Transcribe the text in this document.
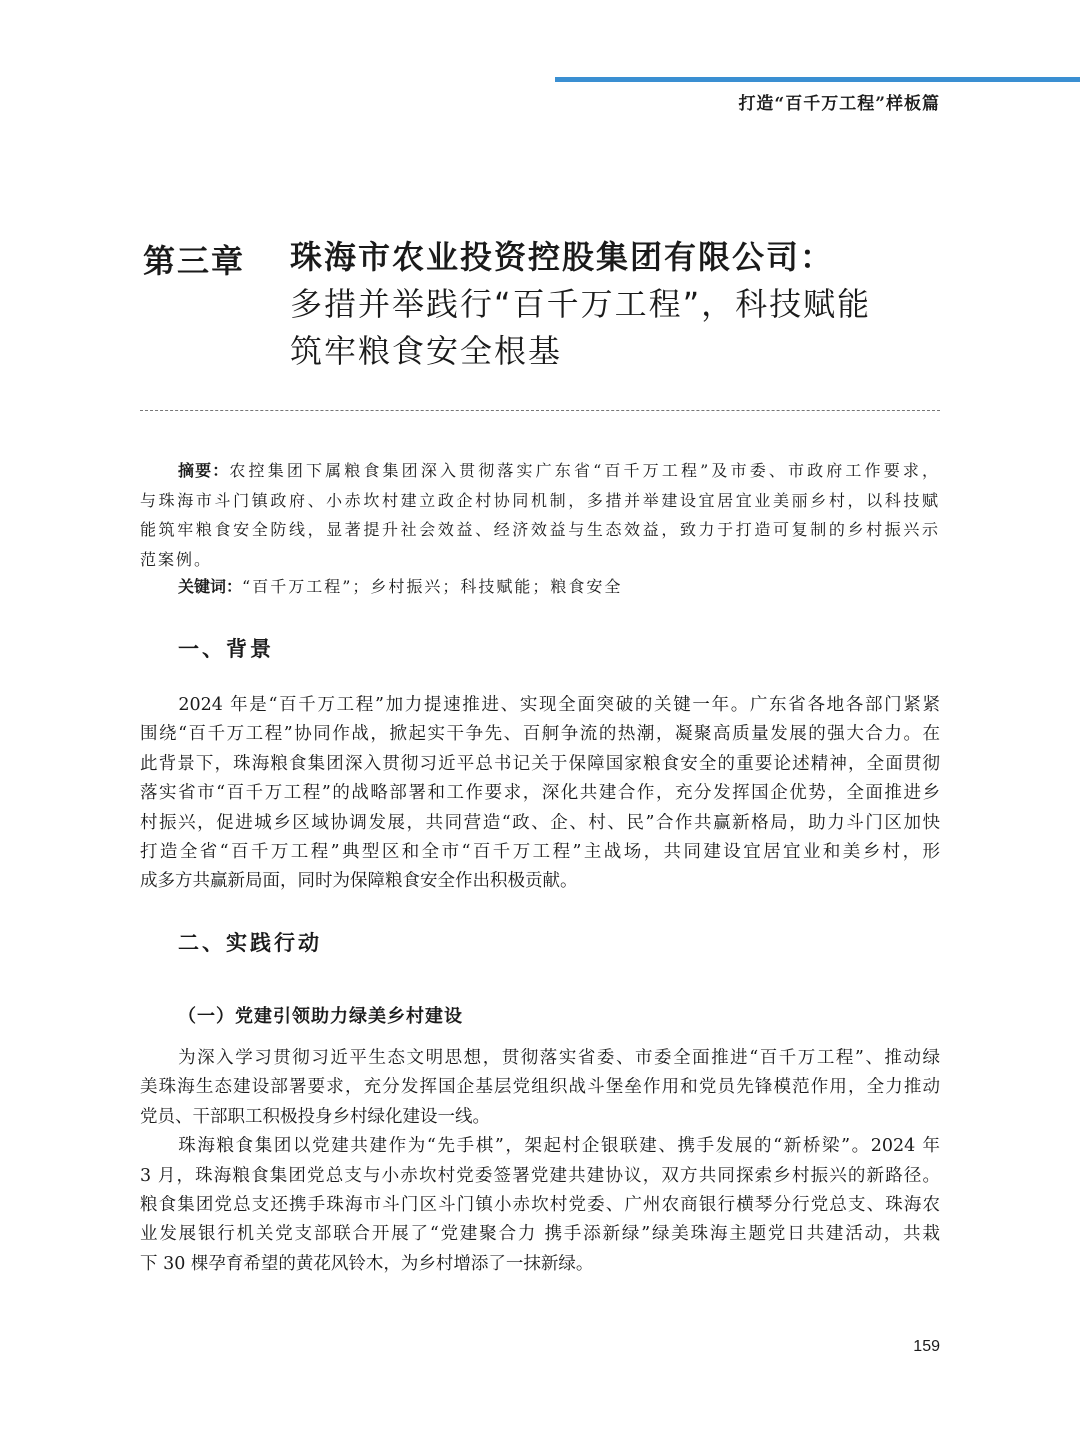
打造“百千万工程”样板篇
第三章 珠海市农业投资控股集团有限公司：
多措并举践行“百千万工程”，科技赋能
筑牢粮食安全根基
摘要：农控集团下属粮食集团深入贯彻落实广东省“百千万工程”及市委、市政府工作要求，
与珠海市斗门镇政府、小赤坎村建立政企村协同机制，多措并举建设宜居宜业美丽乡村，以科技赋
能筑牢粮食安全防线，显著提升社会效益、经济效益与生态效益，致力于打造可复制的乡村振兴示
范案例。
关键词：“百千万工程”；乡村振兴；科技赋能；粮食安全
一、背景
　　2024 年是“百千万工程”加力提速推进、实现全面突破的关键一年。广东省各地各部门紧紧
围绕“百千万工程”协同作战，掀起实干争先、百舸争流的热潮，凝聚高质量发展的强大合力。在
此背景下，珠海粮食集团深入贯彻习近平总书记关于保障国家粮食安全的重要论述精神，全面贯彻
落实省市“百千万工程”的战略部署和工作要求，深化共建合作，充分发挥国企优势，全面推进乡
村振兴，促进城乡区域协调发展，共同营造“政、企、村、民”合作共赢新格局，助力斗门区加快
打造全省“百千万工程”典型区和全市“百千万工程”主战场，共同建设宜居宜业和美乡村，形
成多方共赢新局面，同时为保障粮食安全作出积极贡献。
二、实践行动
（一）党建引领助力绿美乡村建设
　　为深入学习贯彻习近平生态文明思想，贯彻落实省委、市委全面推进“百千万工程”、推动绿
美珠海生态建设部署要求，充分发挥国企基层党组织战斗堡垒作用和党员先锋模范作用，全力推动
党员、干部职工积极投身乡村绿化建设一线。
　　珠海粮食集团以党建共建作为“先手棋”，架起村企银联建、携手发展的“新桥梁”。2024 年
3 月，珠海粮食集团党总支与小赤坎村党委签署党建共建协议，双方共同探索乡村振兴的新路径。
粮食集团党总支还携手珠海市斗门区斗门镇小赤坎村党委、广州农商银行横琴分行党总支、珠海农
业发展银行机关党支部联合开展了“党建聚合力 携手添新绿”绿美珠海主题党日共建活动，共栽
下 30 棵孕育希望的黄花风铃木，为乡村增添了一抹新绿。
159
